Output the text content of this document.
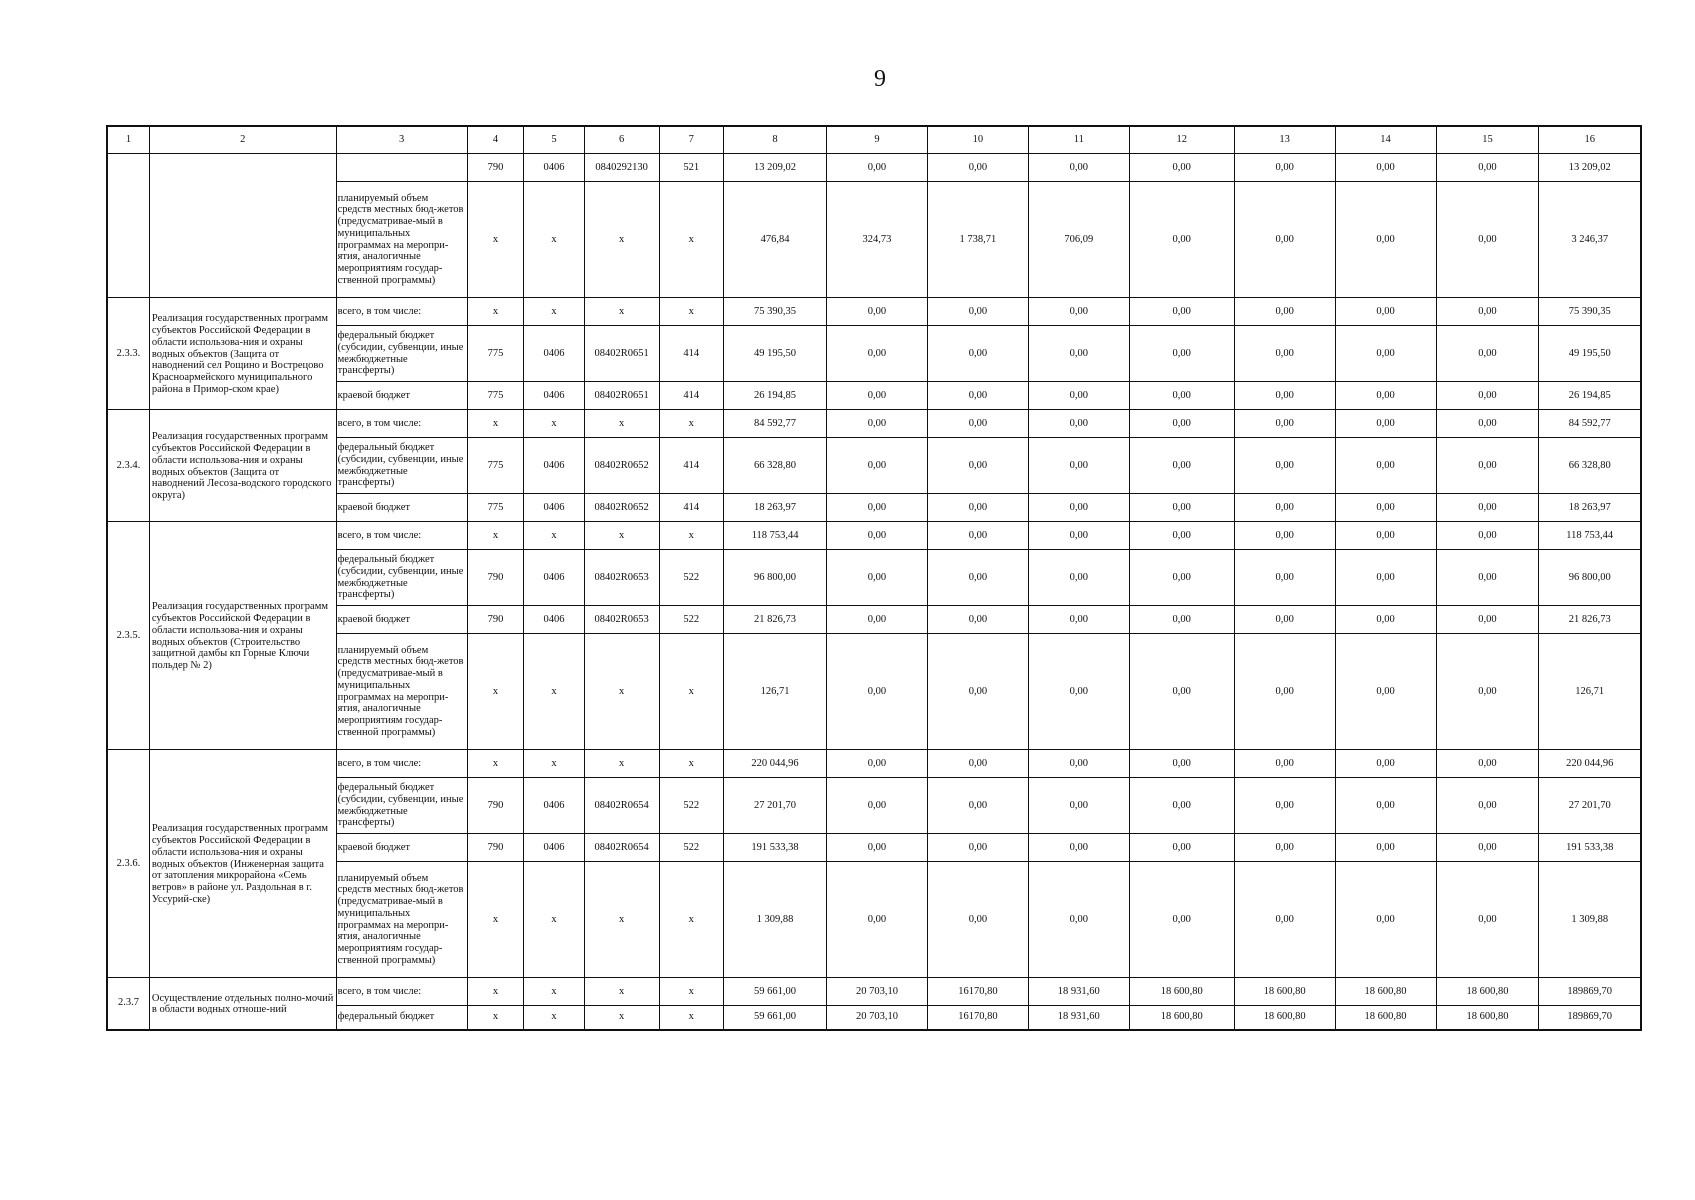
9
1	2	3	4	5	6	7	8	9	10	11	12	13	14	15	16
			790	0406	0840292130	521	13 209,02	0,00	0,00	0,00	0,00	0,00	0,00	0,00	13 209,02
		планируемый объем средств местных бюд-жетов (предусматривае-мый в муниципальных программах на меропри-ятия, аналогичные мероприятиям государ-ственной программы)	x	x	x	x	476,84	324,73	1 738,71	706,09	0,00	0,00	0,00	0,00	3 246,37
2.3.3.	Реализация государственных программ субъектов Российской Федерации в области использова-ния и охраны водных объектов (Защита от наводнений сел Рощино и Вострецово Красноармейского муниципального района в Примор-ском крае)	всего, в том числе:	x	x	x	x	75 390,35	0,00	0,00	0,00	0,00	0,00	0,00	0,00	75 390,35
		федеральный бюджет (субсидии, субвенции, иные межбюджетные трансферты)	775	0406	08402R0651	414	49 195,50	0,00	0,00	0,00	0,00	0,00	0,00	0,00	49 195,50
		краевой бюджет	775	0406	08402R0651	414	26 194,85	0,00	0,00	0,00	0,00	0,00	0,00	0,00	26 194,85
2.3.4.	Реализация государственных программ субъектов Российской Федерации в области использова-ния и охраны водных объектов (Защита от наводнений Лесоза-водского городского округа)	всего, в том числе:	x	x	x	x	84 592,77	0,00	0,00	0,00	0,00	0,00	0,00	0,00	84 592,77
		федеральный бюджет (субсидии, субвенции, иные межбюджетные трансферты)	775	0406	08402R0652	414	66 328,80	0,00	0,00	0,00	0,00	0,00	0,00	0,00	66 328,80
		краевой бюджет	775	0406	08402R0652	414	18 263,97	0,00	0,00	0,00	0,00	0,00	0,00	0,00	18 263,97
2.3.5.	Реализация государственных программ субъектов Российской Федерации в области использова-ния и охраны водных объектов (Строительство защитной дамбы кп Горные Ключи польдер № 2)	всего, в том числе:	x	x	x	x	118 753,44	0,00	0,00	0,00	0,00	0,00	0,00	0,00	118 753,44
		федеральный бюджет (субсидии, субвенции, иные межбюджетные трансферты)	790	0406	08402R0653	522	96 800,00	0,00	0,00	0,00	0,00	0,00	0,00	0,00	96 800,00
		краевой бюджет	790	0406	08402R0653	522	21 826,73	0,00	0,00	0,00	0,00	0,00	0,00	0,00	21 826,73
		планируемый объем средств местных бюд-жетов (предусматривае-мый в муниципальных программах на меропри-ятия, аналогичные мероприятиям государ-ственной программы)	x	x	x	x	126,71	0,00	0,00	0,00	0,00	0,00	0,00	0,00	126,71
2.3.6.	Реализация государственных программ субъектов Российской Федерации в области использова-ния и охраны водных объектов (Инженерная защита от затопления микрорайона «Семь ветров» в районе ул. Раздольная в г. Уссурий-ске)	всего, в том числе:	x	x	x	x	220 044,96	0,00	0,00	0,00	0,00	0,00	0,00	0,00	220 044,96
		федеральный бюджет (субсидии, субвенции, иные межбюджетные трансферты)	790	0406	08402R0654	522	27 201,70	0,00	0,00	0,00	0,00	0,00	0,00	0,00	27 201,70
		краевой бюджет	790	0406	08402R0654	522	191 533,38	0,00	0,00	0,00	0,00	0,00	0,00	0,00	191 533,38
		планируемый объем средств местных бюд-жетов (предусматривае-мый в муниципальных программах на меропри-ятия, аналогичные мероприятиям государ-ственной программы)	x	x	x	x	1 309,88	0,00	0,00	0,00	0,00	0,00	0,00	0,00	1 309,88
2.3.7	Осуществление отдельных полно-мочий в области водных отноше-ний	всего, в том числе:	x	x	x	x	59 661,00	20 703,10	16170,80	18 931,60	18 600,80	18 600,80	18 600,80	18 600,80	189869,70
		федеральный бюджет	x	x	x	x	59 661,00	20 703,10	16170,80	18 931,60	18 600,80	18 600,80	18 600,80	18 600,80	189869,70
